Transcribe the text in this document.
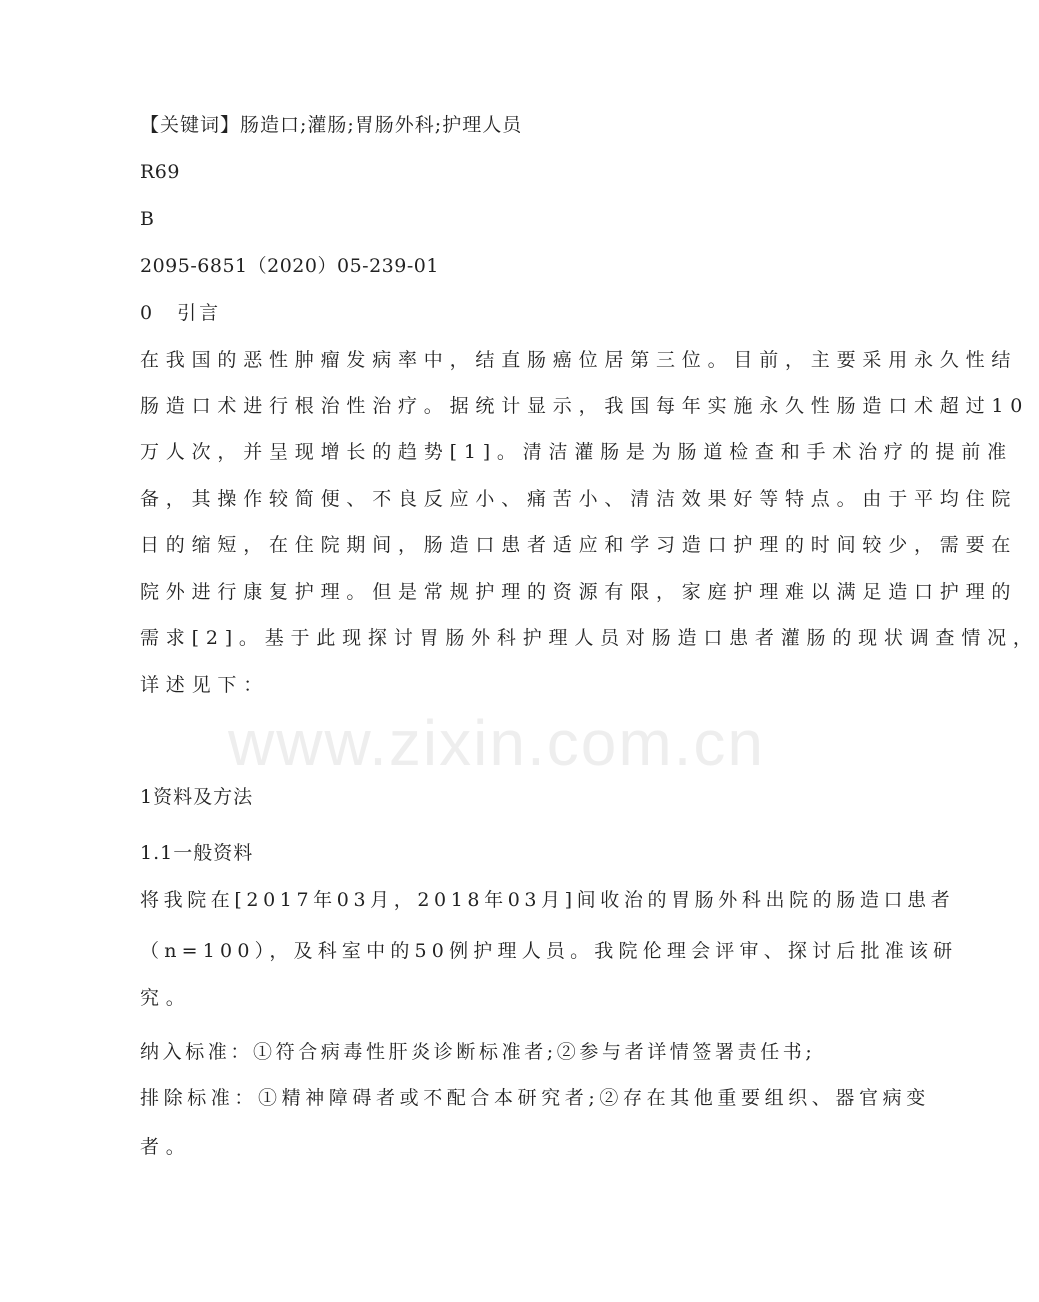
www.zixin.com.cn
【关键词】肠造口;灌肠;胃肠外科;护理人员
R69
B
2095-6851（2020）05-239-01
0　引言
在我国的恶性肿瘤发病率中，结直肠癌位居第三位。目前，主要采用永久性结
肠造口术进行根治性治疗。据统计显示，我国每年实施永久性肠造口术超过10
万人次，并呈现增长的趋势[1]。清洁灌肠是为肠道检查和手术治疗的提前准
备，其操作较简便、不良反应小、痛苦小、清洁效果好等特点。由于平均住院
日的缩短，在住院期间，肠造口患者适应和学习造口护理的时间较少，需要在
院外进行康复护理。但是常规护理的资源有限，家庭护理难以满足造口护理的
需求[2]。基于此现探讨胃肠外科护理人员对肠造口患者灌肠的现状调查情况，
详述见下：
1资料及方法
1.1一般资料
将我院在[2017年03月，2018年03月]间收治的胃肠外科出院的肠造口患者
（n=100），及科室中的50例护理人员。我院伦理会评审、探讨后批准该研
究。
纳入标准：①符合病毒性肝炎诊断标准者;②参与者详情签署责任书;
排除标准：①精神障碍者或不配合本研究者;②存在其他重要组织、器官病变
者。
